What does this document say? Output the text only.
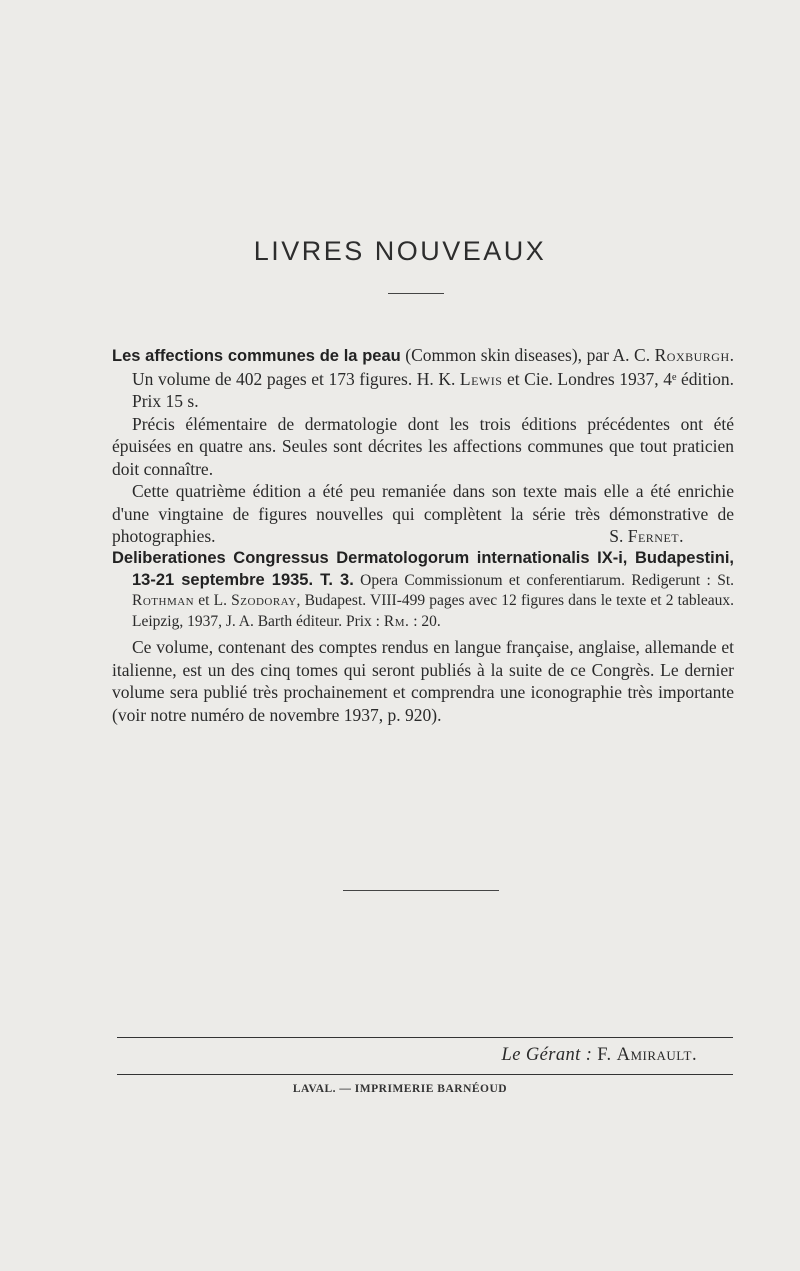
LIVRES NOUVEAUX

Les affections communes de la peau (Common skin diseases), par A. C. Roxburgh. Un volume de 402 pages et 173 figures. H. K. Lewis et Cie. Londres 1937, 4ᵉ édition. Prix 15 s.

Précis élémentaire de dermatologie dont les trois éditions précédentes ont été épuisées en quatre ans. Seules sont décrites les affections communes que tout praticien doit connaître.

Cette quatrième édition a été peu remaniée dans son texte mais elle a été enrichie d'une vingtaine de figures nouvelles qui complètent la série très démonstrative de photographies.	S. Fernet.

Deliberationes Congressus Dermatologorum internationalis IX-i, Budapestini, 13-21 septembre 1935. T. 3. Opera Commissionum et conferentiarum. Redigerunt : St. Rothman et L. Szodoray, Budapest. VIII-499 pages avec 12 figures dans le texte et 2 tableaux. Leipzig, 1937, J. A. Barth éditeur. Prix : Rm. : 20.

Ce volume, contenant des comptes rendus en langue française, anglaise, allemande et italienne, est un des cinq tomes qui seront publiés à la suite de ce Congrès. Le dernier volume sera publié très prochainement et comprendra une iconographie très importante (voir notre numéro de novembre 1937, p. 920).

Le Gérant : F. Amirault.
LAVAL. — IMPRIMERIE BARNÉOUD
